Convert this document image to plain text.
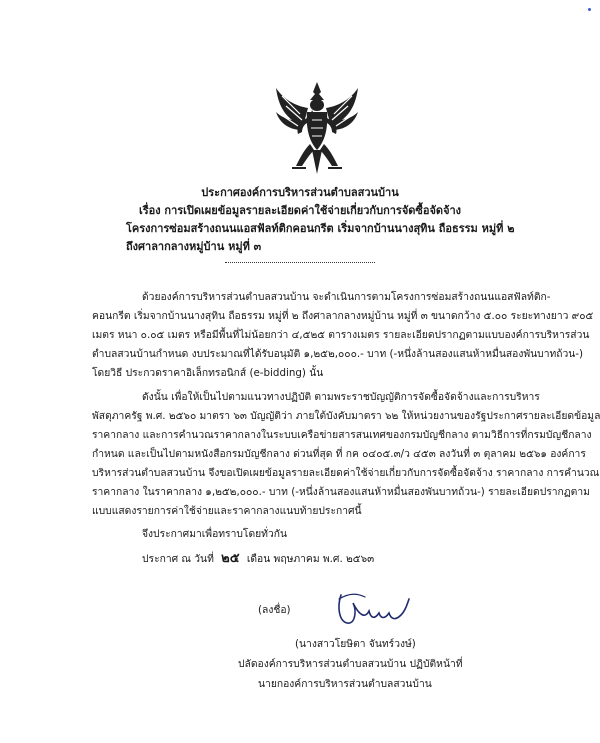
ประกาศองค์การบริหารส่วนตำบลสวนบ้าน
เรื่อง การเปิดเผยข้อมูลรายละเอียดค่าใช้จ่ายเกี่ยวกับการจัดซื้อจัดจ้าง
โครงการซ่อมสร้างถนนแอสฟัลท์ติกคอนกรีต เริ่มจากบ้านนางสุทิน ถือธรรม หมู่ที่ ๒
ถึงศาลากลางหมู่บ้าน หมู่ที่ ๓
ด้วยองค์การบริหารส่วนตำบลสวนบ้าน จะดำเนินการตามโครงการซ่อมสร้างถนนแอสฟัลท์ติก-
คอนกรีต เริ่มจากบ้านนางสุทิน ถือธรรม หมู่ที่ ๒ ถึงศาลากลางหมู่บ้าน หมู่ที่ ๓ ขนาดกว้าง ๕.๐๐ ระยะทางยาว ๙๐๕
เมตร หนา ๐.๐๕ เมตร หรือมีพื้นที่ไม่น้อยกว่า ๔,๕๒๕ ตารางเมตร รายละเอียดปรากฏตามแบบองค์การบริหารส่วน
ตำบลสวนบ้านกำหนด งบประมาณที่ได้รับอนุมัติ ๑,๒๕๒,๐๐๐.- บาท (-หนึ่งล้านสองแสนห้าหมื่นสองพันบาทถ้วน-)
โดยวิธี ประกวดราคาอิเล็กทรอนิกส์ (e-bidding) นั้น
ดังนั้น เพื่อให้เป็นไปตามแนวทางปฏิบัติ ตามพระราชบัญญัติการจัดซื้อจัดจ้างและการบริหาร
พัสดุภาครัฐ พ.ศ. ๒๕๖๐ มาตรา ๖๓ บัญญัติว่า ภายใต้บังคับมาตรา ๖๒ ให้หน่วยงานของรัฐประกาศรายละเอียดข้อมูล
ราคากลาง และการคำนวณราคากลางในระบบเครือข่ายสารสนเทศของกรมบัญชีกลาง ตามวิธีการที่กรมบัญชีกลาง
กำหนด และเป็นไปตามหนังสือกรมบัญชีกลาง ด่วนที่สุด ที่ กค ๐๔๐๕.๓/ว ๔๕๓ ลงวันที่ ๓ ตุลาคม ๒๕๖๑ องค์การ
บริหารส่วนตำบลสวนบ้าน จึงขอเปิดเผยข้อมูลรายละเอียดค่าใช้จ่ายเกี่ยวกับการจัดซื้อจัดจ้าง ราคากลาง การคำนวณ
ราคากลาง ในราคากลาง ๑,๒๕๒,๐๐๐.- บาท (-หนึ่งล้านสองแสนห้าหมื่นสองพันบาทถ้วน-) รายละเอียดปรากฏตาม
แบบแสดงรายการค่าใช้จ่ายและราคากลางแนบท้ายประกาศนี้
จึงประกาศมาเพื่อทราบโดยทั่วกัน
ประกาศ ณ วันที่ ๒๕ เดือน พฤษภาคม พ.ศ. ๒๕๖๓
(ลงชื่อ)
(นางสาวโยษิตา จันทร์วงษ์)
ปลัดองค์การบริหารส่วนตำบลสวนบ้าน ปฏิบัติหน้าที่
นายกองค์การบริหารส่วนตำบลสวนบ้าน
